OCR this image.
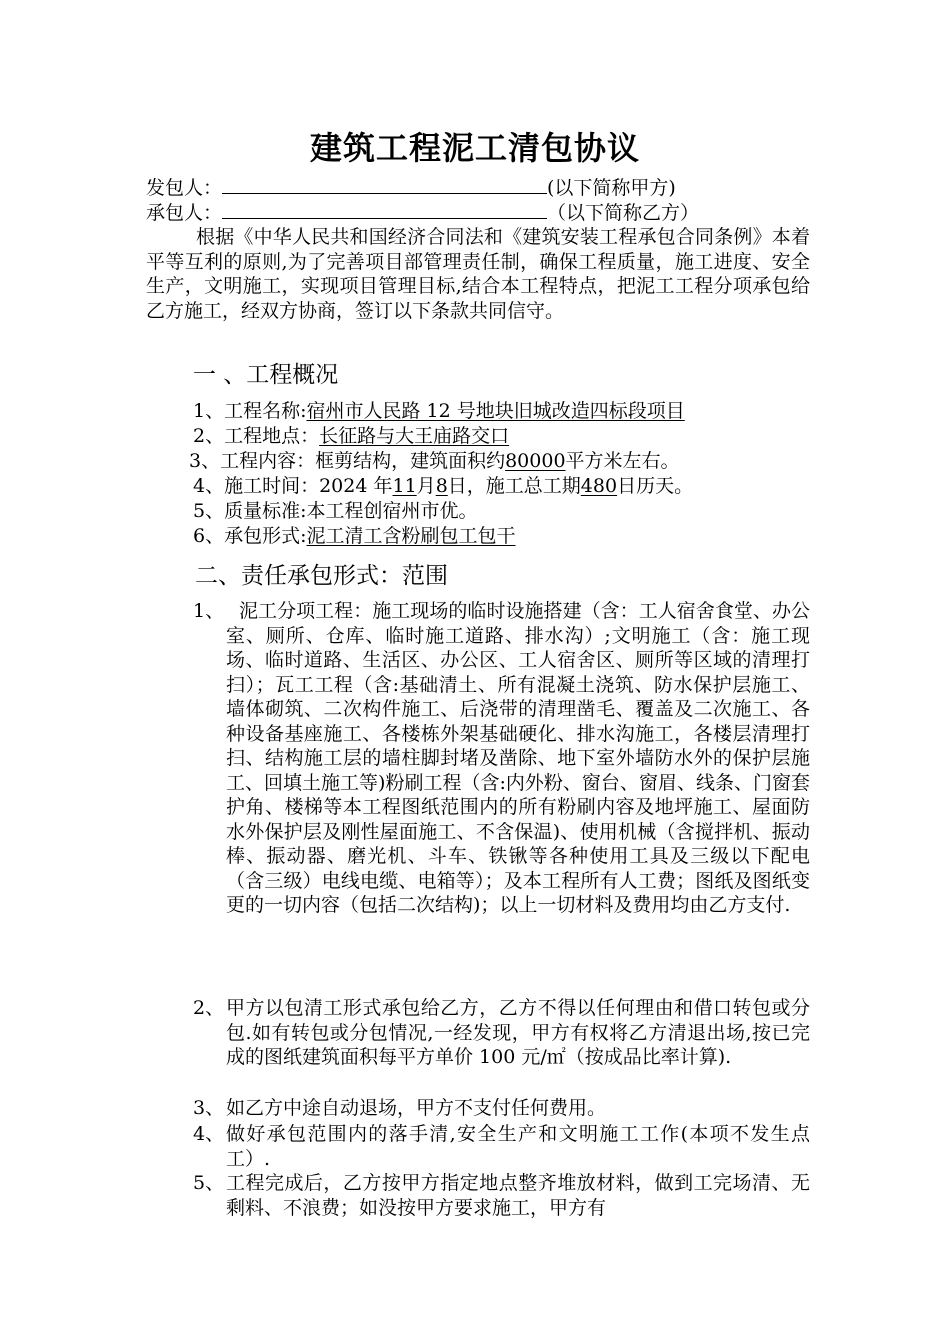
建筑工程泥工清包协议
发包人：	(以下简称甲方)
承包人：	（以下简称乙方）
根据《中华人民共和国经济合同法和《建筑安装工程承包合同条例》本着平等互利的原则,为了完善项目部管理责任制，确保工程质量，施工进度、安全生产，文明施工，实现项目管理目标,结合本工程特点，把泥工工程分项承包给乙方施工，经双方协商，签订以下条款共同信守。
一 、工程概况
1、工程名称:宿州市人民路 12 号地块旧城改造四标段项目
2、工程地点：长征路与大王庙路交口
3、工程内容：框剪结构，建筑面积约80000平方米左右。
4、施工时间：2024 年11月8日，施工总工期480日历天。
5、质量标准:本工程创宿州市优。
6、承包形式:泥工清工含粉刷包工包干
二、责任承包形式：范围
1、 泥工分项工程：施工现场的临时设施搭建（含：工人宿舍食堂、办公室、厕所、仓库、临时施工道路、排水沟）;文明施工（含：施工现场、临时道路、生活区、办公区、工人宿舍区、厕所等区域的清理打扫）；瓦工工程（含:基础清土、所有混凝土浇筑、防水保护层施工、墙体砌筑、二次构件施工、后浇带的清理凿毛、覆盖及二次施工、各种设备基座施工、各楼栋外架基础硬化、排水沟施工，各楼层清理打扫、结构施工层的墙柱脚封堵及凿除、地下室外墙防水外的保护层施工、回填土施工等)粉刷工程（含:内外粉、窗台、窗眉、线条、门窗套护角、楼梯等本工程图纸范围内的所有粉刷内容及地坪施工、屋面防水外保护层及刚性屋面施工、不含保温)、使用机械（含搅拌机、振动棒、振动器、磨光机、斗车、铁锹等各种使用工具及三级以下配电（含三级）电线电缆、电箱等）；及本工程所有人工费；图纸及图纸变更的一切内容（包括二次结构)；以上一切材料及费用均由乙方支付.
2、 甲方以包清工形式承包给乙方，乙方不得以任何理由和借口转包或分包.如有转包或分包情况,一经发现，甲方有权将乙方清退出场,按已完成的图纸建筑面积每平方单价 100 元/㎡（按成品比率计算).
3、 如乙方中途自动退场，甲方不支付任何费用。
4、 做好承包范围内的落手清,安全生产和文明施工工作(本项不发生点工）.
5、 工程完成后，乙方按甲方指定地点整齐堆放材料，做到工完场清、无剩料、不浪费；如没按甲方要求施工，甲方有
